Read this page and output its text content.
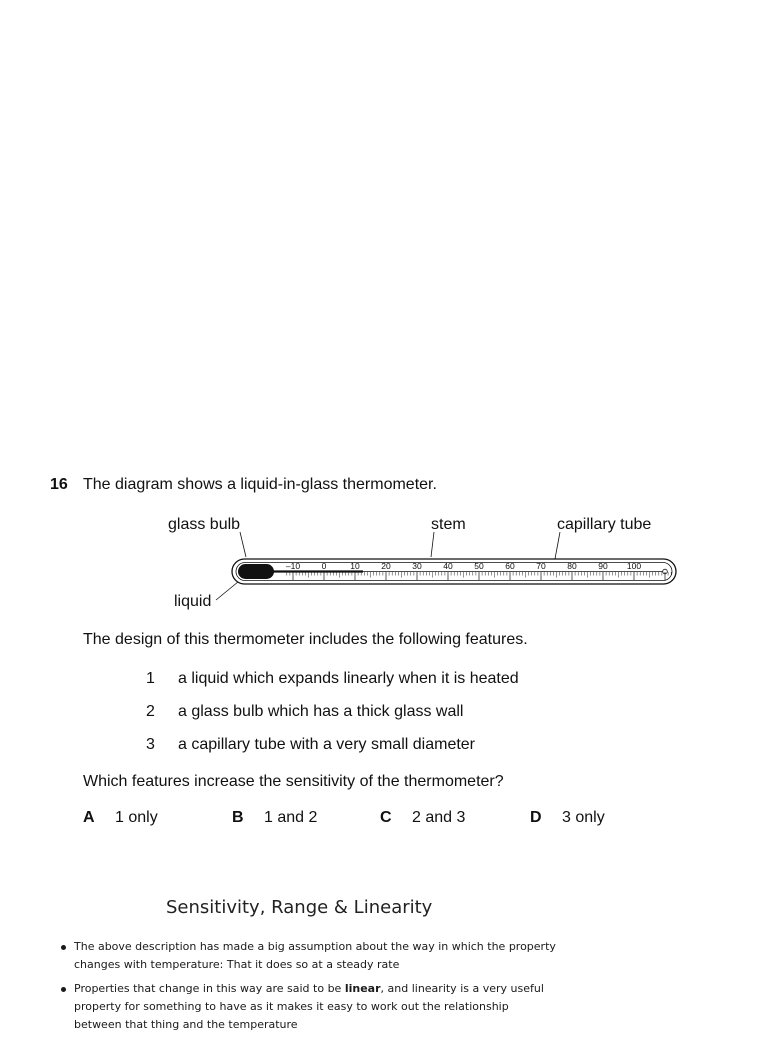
16 The diagram shows a liquid-in-glass thermometer.
glass bulb	stem	capillary tube
liquid
–10	0	10	20	30	40	50	60	70	80	90 100
The design of this thermometer includes the following features.
1 a liquid which expands linearly when it is heated
2 a glass bulb which has a thick glass wall
3 a capillary tube with a very small diameter
Which features increase the sensitivity of the thermometer?
A 1 only	B 1 and 2	C 2 and 3	D 3 only
Sensitivity, Range & Linearity
The above description has made a big assumption about the way in which the property changes with temperature: That it does so at a steady rate
Properties that change in this way are said to be linear, and linearity is a very useful property for something to have as it makes it easy to work out the relationship between that thing and the temperature
